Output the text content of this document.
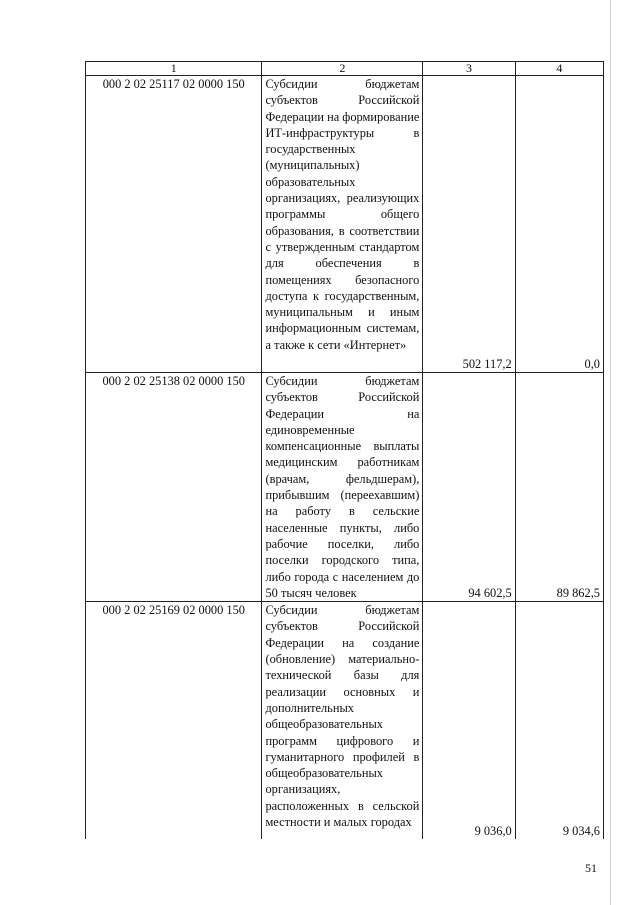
1	2	3	4
000 2 02 25117 02 0000 150	Субсидии бюджетам субъектов Российской Федерации на формирование ИТ-инфраструктуры в государственных (муниципальных) образовательных организациях, реализующих программы общего образования, в соответствии с утвержденным стандартом для обеспечения в помещениях безопасного доступа к государственным, муниципальным и иным информационным системам, а также к сети «Интернет»	502 117,2	0,0

000 2 02 25138 02 0000 150	Субсидии бюджетам субъектов Российской Федерации на единовременные компенсационные выплаты медицинским работникам (врачам, фельдшерам), прибывшим (переехавшим) на работу в сельские населенные пункты, либо рабочие поселки, либо поселки городского типа, либо города с населением до 50 тысяч человек	94 602,5	89 862,5

000 2 02 25169 02 0000 150	Субсидии бюджетам субъектов Российской Федерации на создание (обновление) материально-технической базы для реализации основных и дополнительных общеобразовательных программ цифрового и гуманитарного профилей в общеобразовательных организациях, расположенных в сельской местности и малых городах	9 036,0	9 034,6
51
